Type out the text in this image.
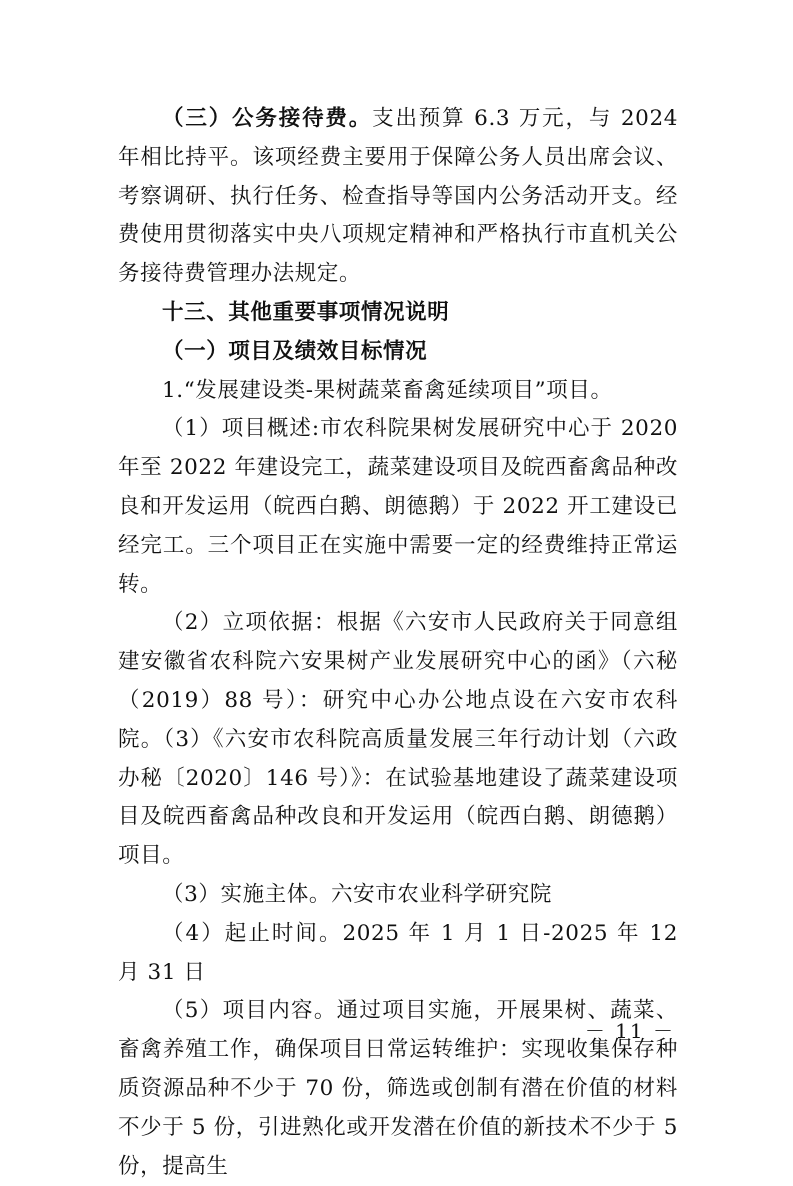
（三）公务接待费。支出预算 6.3 万元，与 2024 年相比持平。该项经费主要用于保障公务人员出席会议、考察调研、执行任务、检查指导等国内公务活动开支。经费使用贯彻落实中央八项规定精神和严格执行市直机关公务接待费管理办法规定。

十三、其他重要事项情况说明

（一）项目及绩效目标情况

1.“发展建设类-果树蔬菜畜禽延续项目”项目。

（1）项目概述:市农科院果树发展研究中心于 2020 年至 2022 年建设完工，蔬菜建设项目及皖西畜禽品种改良和开发运用（皖西白鹅、朗德鹅）于 2022 开工建设已经完工。三个项目正在实施中需要一定的经费维持正常运转。

（2）立项依据：根据《六安市人民政府关于同意组建安徽省农科院六安果树产业发展研究中心的函》（六秘（2019）88 号）：研究中心办公地点设在六安市农科院。（3）《六安市农科院高质量发展三年行动计划（六政办秘〔2020〕146 号）》：在试验基地建设了蔬菜建设项目及皖西畜禽品种改良和开发运用（皖西白鹅、朗德鹅）项目。

（3）实施主体。六安市农业科学研究院

（4）起止时间。2025 年 1 月 1 日-2025 年 12 月 31 日

（5）项目内容。通过项目实施，开展果树、蔬菜、畜禽养殖工作，确保项目日常运转维护：实现收集保存种质资源品种不少于 70 份，筛选或创制有潜在价值的材料不少于 5 份，引进熟化或开发潜在价值的新技术不少于 5 份，提高生

－ 11 －
